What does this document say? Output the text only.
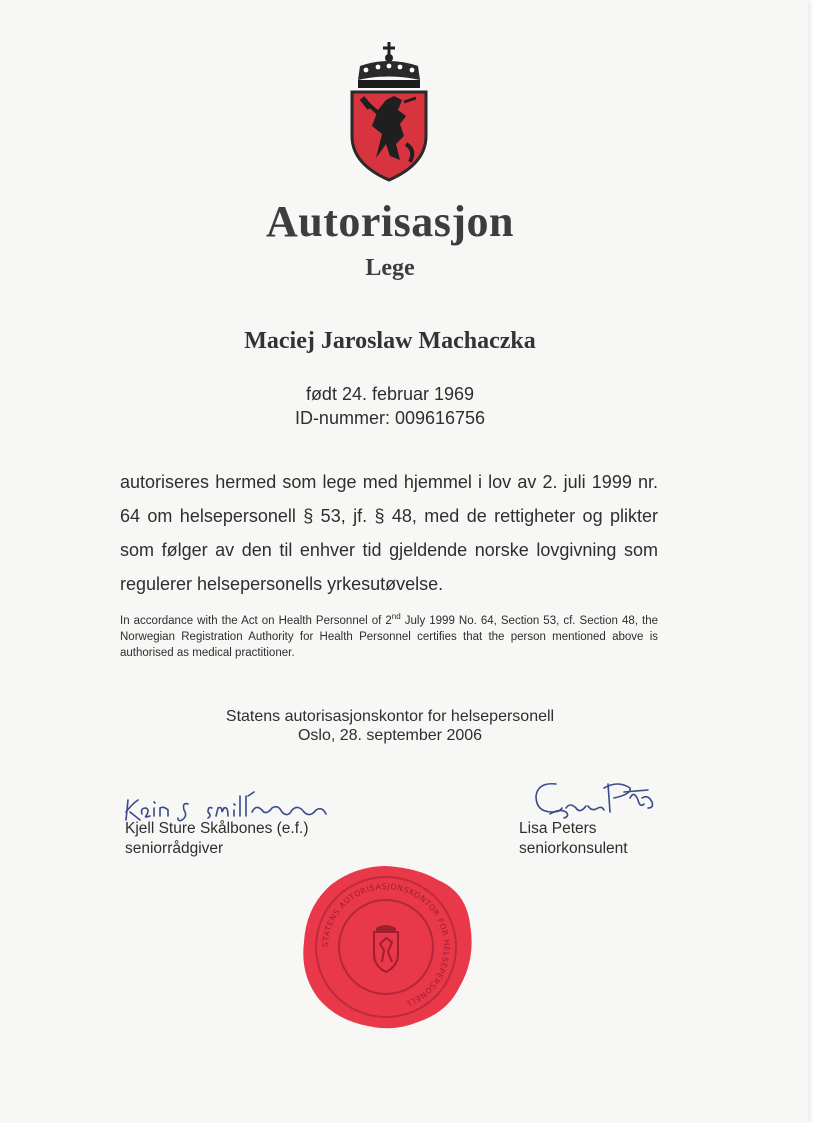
Autorisasjon
Lege
Maciej Jaroslaw Machaczka
født 24. februar 1969
ID-nummer: 009616756
autoriseres hermed som lege med hjemmel i lov av 2. juli 1999 nr. 64 om helsepersonell § 53, jf. § 48, med de rettigheter og plikter som følger av den til enhver tid gjeldende norske lovgivning som regulerer helsepersonells yrkesutøvelse.
In accordance with the Act on Health Personnel of 2nd July 1999 No. 64, Section 53, cf. Section 48, the Norwegian Registration Authority for Health Personnel certifies that the person mentioned above is authorised as medical practitioner.
Statens autorisasjonskontor for helsepersonell
Oslo, 28. september 2006
Kjell Sture Skålbones (e.f.)
seniorrådgiver
Lisa Peters
seniorkonsulent
STATENS AUTORISASJONSKONTOR FOR HELSEPERSONELL
